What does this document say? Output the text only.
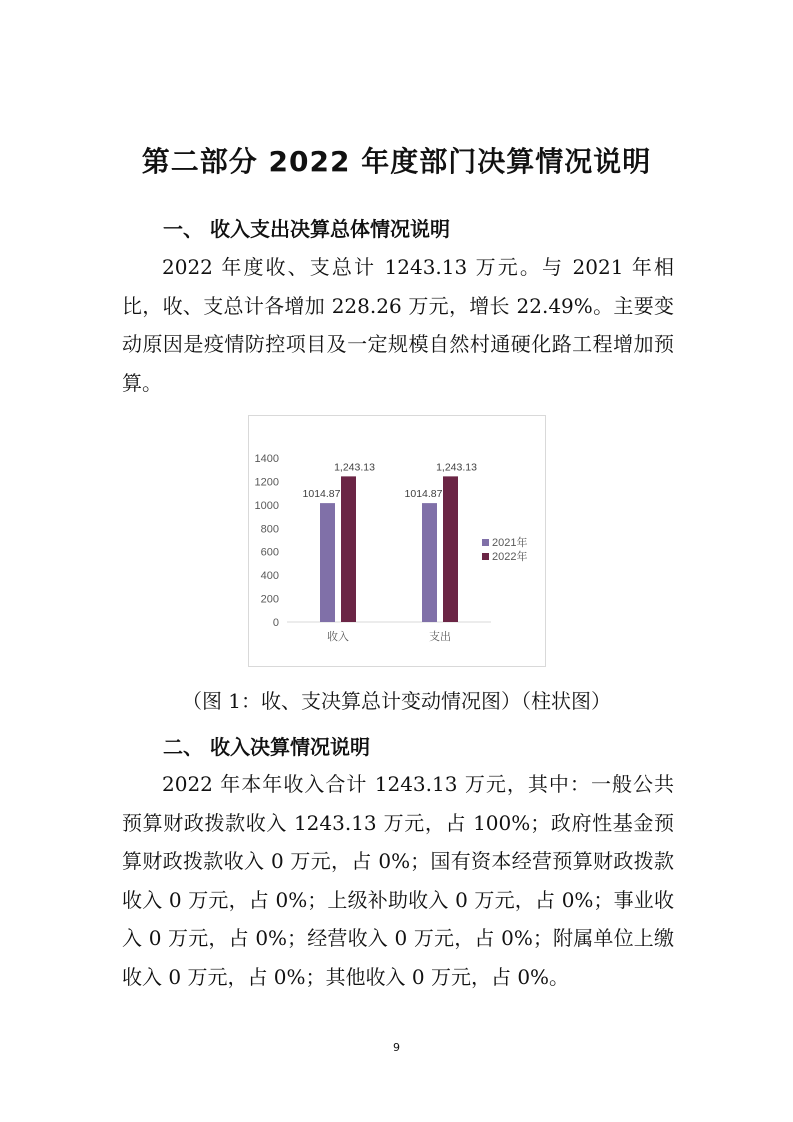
第二部分 2022 年度部门决算情况说明
一、 收入支出决算总体情况说明
2022 年度收、支总计 1243.13 万元。与 2021 年相比，收、支总计各增加 228.26 万元，增长 22.49%。主要变动原因是疫情防控项目及一定规模自然村通硬化路工程增加预算。
0
200
400
600
800
1000
1200
1400
1014.87
1,243.13
收入
1014.87
1,243.13
支出
2021年
2022年
（图 1：收、支决算总计变动情况图）（柱状图）
二、 收入决算情况说明
2022 年本年收入合计 1243.13 万元，其中：一般公共预算财政拨款收入 1243.13 万元，占 100%；政府性基金预算财政拨款收入 0 万元，占 0%；国有资本经营预算财政拨款收入 0 万元，占 0%；上级补助收入 0 万元，占 0%；事业收入 0 万元，占 0%；经营收入 0 万元，占 0%；附属单位上缴收入 0 万元，占 0%；其他收入 0 万元，占 0%。
9
